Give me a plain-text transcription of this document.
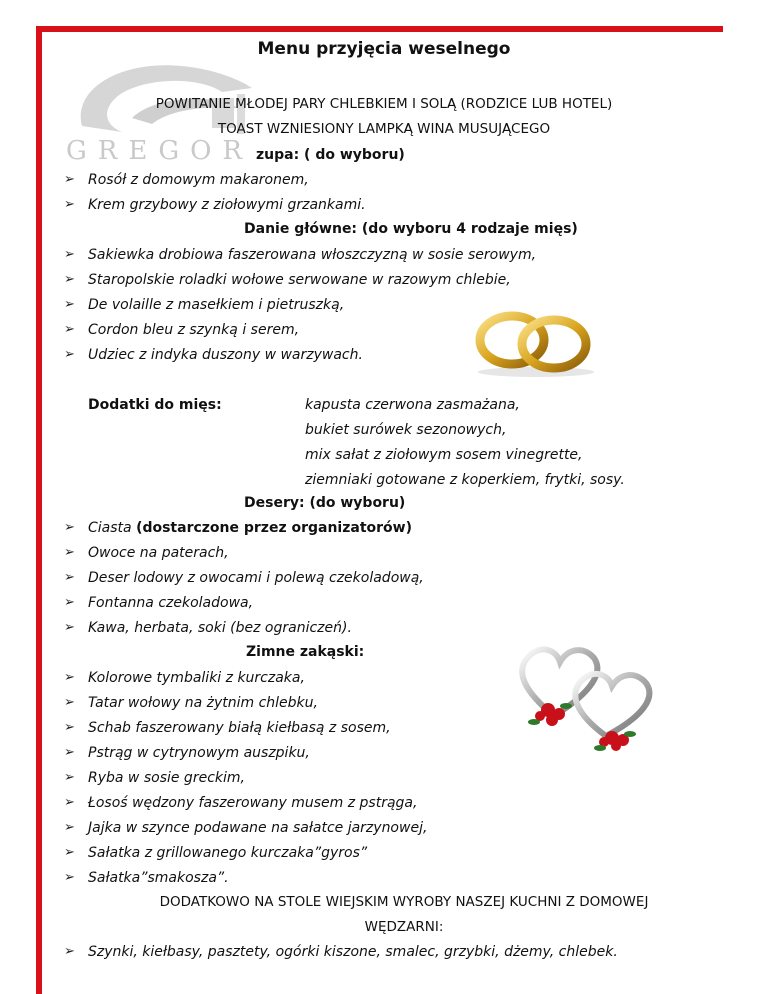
GREGOR
Menu przyjęcia weselnego
POWITANIE MŁODEJ PARY CHLEBKIEM I SOLĄ (RODZICE LUB HOTEL)
TOAST WZNIESIONY LAMPKĄ WINA MUSUJĄCEGO
zupa: ( do wyboru)
➢ Rosół z domowym makaronem,
➢ Krem grzybowy z ziołowymi grzankami.
Danie główne: (do wyboru 4 rodzaje mięs)
➢ Sakiewka drobiowa faszerowana włoszczyzną w sosie serowym,
➢ Staropolskie roladki wołowe serwowane w razowym chlebie,
➢ De volaille z masełkiem i pietruszką,
➢ Cordon bleu z szynką i serem,
➢ Udziec z indyka duszony w warzywach.
Dodatki do mięs:	kapusta czerwona zasmażana,
bukiet surówek sezonowych,
mix sałat z ziołowym sosem vinegrette,
ziemniaki gotowane z koperkiem, frytki, sosy.
Desery: (do wyboru)
➢ Ciasta (dostarczone przez organizatorów)
➢ Owoce na paterach,
➢ Deser lodowy z owocami i polewą czekoladową,
➢ Fontanna czekoladowa,
➢ Kawa, herbata, soki (bez ograniczeń).
Zimne zakąski:
➢ Kolorowe tymbaliki z kurczaka,
➢ Tatar wołowy na żytnim chlebku,
➢ Schab faszerowany białą kiełbasą z sosem,
➢ Pstrąg w cytrynowym auszpiku,
➢ Ryba w sosie greckim,
➢ Łosoś wędzony faszerowany musem z pstrąga,
➢ Jajka w szynce podawane na sałatce jarzynowej,
➢ Sałatka z grillowanego kurczaka”gyros”
➢ Sałatka”smakosza”.
DODATKOWO NA STOLE WIEJSKIM WYROBY NASZEJ KUCHNI Z DOMOWEJ
WĘDZARNI:
➢ Szynki, kiełbasy, pasztety, ogórki kiszone, smalec, grzybki, dżemy, chlebek.
